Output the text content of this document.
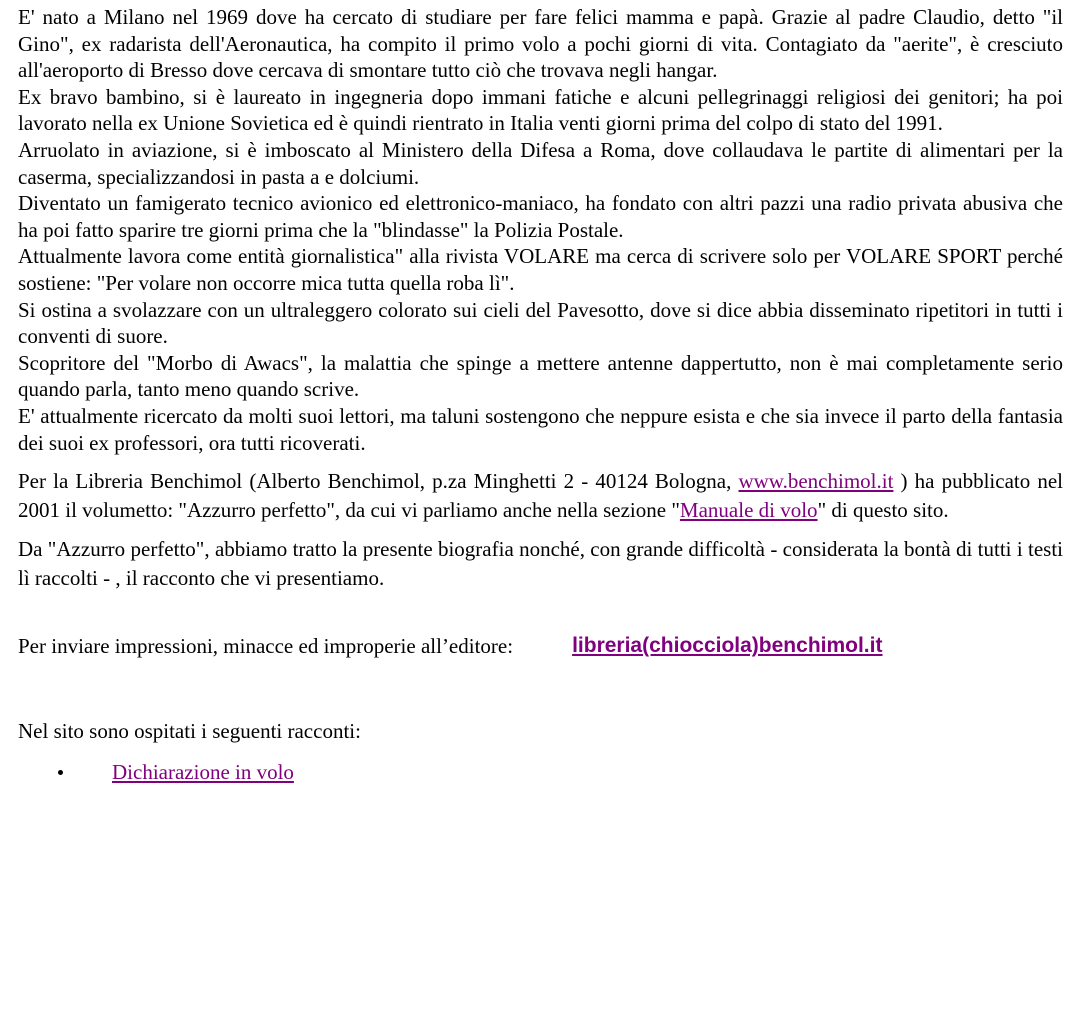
E' nato a Milano nel 1969 dove ha cercato di studiare per fare felici mamma e papà. Grazie al padre Claudio, detto "il Gino", ex radarista dell'Aeronautica, ha compito il primo volo a pochi giorni di vita. Contagiato da "aerite", è cresciuto all'aeroporto di Bresso dove cercava di smontare tutto ciò che trovava negli hangar.

Ex bravo bambino, si è laureato in ingegneria dopo immani fatiche e alcuni pellegrinaggi religiosi dei genitori; ha poi lavorato nella ex Unione Sovietica ed è quindi rientrato in Italia venti giorni prima del colpo di stato del 1991.

Arruolato in aviazione, si è imboscato al Ministero della Difesa a Roma, dove collaudava le partite di alimentari per la caserma, specializzandosi in pasta a e dolciumi.

Diventato un famigerato tecnico avionico ed elettronico-maniaco, ha fondato con altri pazzi una radio privata abusiva che ha poi fatto sparire tre giorni prima che la "blindasse" la Polizia Postale.

Attualmente lavora come entità giornalistica" alla rivista VOLARE ma cerca di scrivere solo per VOLARE SPORT perché sostiene: "Per volare non occorre mica tutta quella roba lì".

Si ostina a svolazzare con un ultraleggero colorato sui cieli del Pavesotto, dove si dice abbia disseminato ripetitori in tutti i conventi di suore.

Scopritore del "Morbo di Awacs", la malattia che spinge a mettere antenne dappertutto, non è mai completamente serio quando parla, tanto meno quando scrive.

E' attualmente ricercato da molti suoi lettori, ma taluni sostengono che neppure esista e che sia invece il parto della fantasia dei suoi ex professori, ora tutti ricoverati.

Per la Libreria Benchimol (Alberto Benchimol, p.za Minghetti 2 - 40124 Bologna, www.benchimol.it ) ha pubblicato nel 2001 il volumetto: "Azzurro perfetto", da cui vi parliamo anche nella sezione "Manuale di volo" di questo sito.

Da "Azzurro perfetto", abbiamo tratto la presente biografia nonché, con grande difficoltà - considerata la bontà di tutti i testi lì raccolti - , il racconto che vi presentiamo.

Per inviare impressioni, minacce ed improperie all’editore:	libreria(chiocciola)benchimol.it

Nel sito sono ospitati i seguenti racconti:

Dichiarazione in volo
